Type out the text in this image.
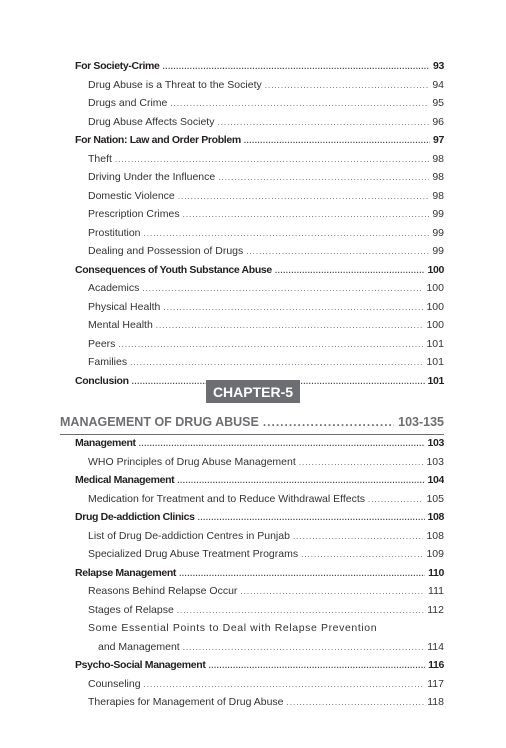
For Society-Crime .....	93
Drug Abuse is a Threat to the Society .....	94
Drugs and Crime .....	95
Drug Abuse Affects Society .....	96
For Nation: Law and Order Problem .....	97
Theft .....	98
Driving Under the Influence .....	98
Domestic Violence .....	98
Prescription Crimes .....	99
Prostitution .....	99
Dealing and Possession of Drugs .....	99
Consequences of Youth Substance Abuse .....	100
Academics .....	100
Physical Health .....	100
Mental Health .....	100
Peers .....	101
Families .....	101
Conclusion .....	101
Management .....	103
WHO Principles of Drug Abuse Management .....	103
Medical Management .....	104
Medication for Treatment and to Reduce Withdrawal Effects .....	105
Drug De-addiction Clinics .....	108
List of Drug De-addiction Centres in Punjab .....	108
Specialized Drug Abuse Treatment Programs .....	109
Relapse Management .....	110
Reasons Behind Relapse Occur .....	111
Stages of Relapse .....	112
Some Essential Points to Deal with Relapse Prevention
and Management .....	114
Psycho-Social Management .....	116
Counseling .....	117
Therapies for Management of Drug Abuse .....	118
CHAPTER-5
MANAGEMENT OF DRUG ABUSE .....	103-135
